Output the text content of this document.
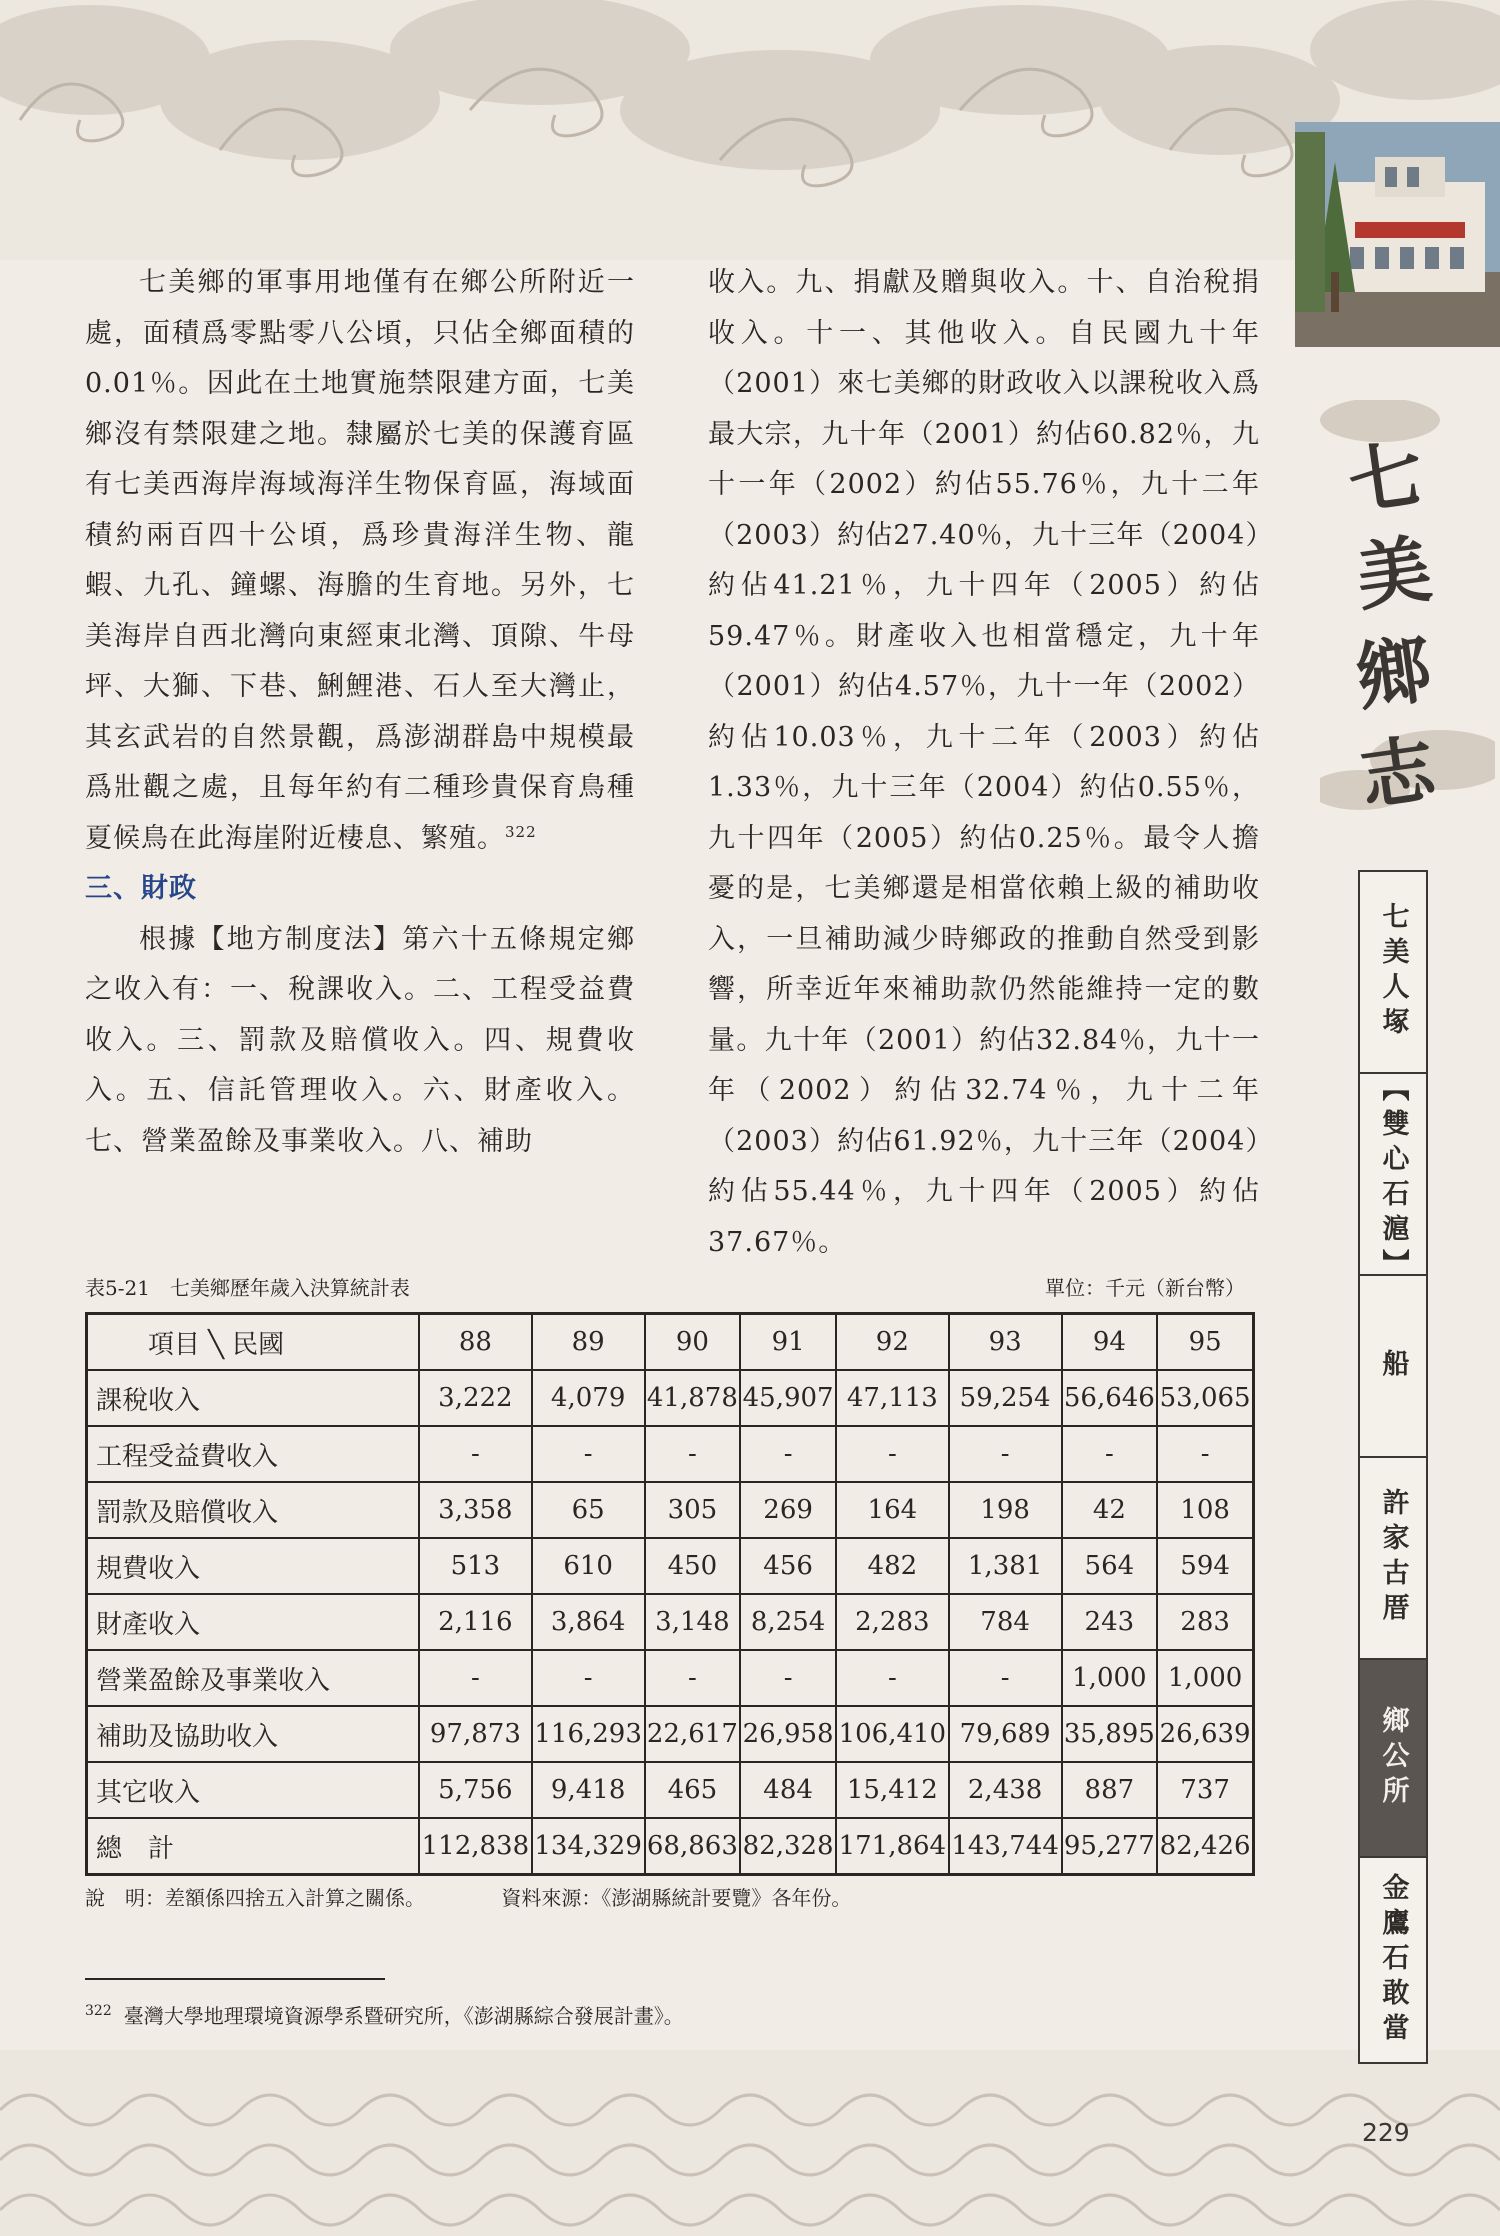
七
美
鄉
志
七美人塚
【雙心石滬】
船
許家古厝
鄉公所
金鷹石敢當

七美鄉的軍事用地僅有在鄉公所附近一處，面積爲零點零八公頃，只佔全鄉面積的0.01％。因此在土地實施禁限建方面，七美鄉沒有禁限建之地。隸屬於七美的保護育區有七美西海岸海域海洋生物保育區，海域面積約兩百四十公頃，爲珍貴海洋生物、龍蝦、九孔、鐘螺、海膽的生育地。另外，七美海岸自西北灣向東經東北灣、頂隙、牛母坪、大獅、下巷、鯏鯉港、石人至大灣止，其玄武岩的自然景觀，爲澎湖群島中規模最爲壯觀之處，且每年約有二種珍貴保育鳥種夏候鳥在此海崖附近棲息、繁殖。$^{322}$

三、財政

根據【地方制度法】第六十五條規定鄉之收入有：一、稅課收入。二、工程受益費收入。三、罰款及賠償收入。四、規費收入。五、信託管理收入。六、財產收入。七、營業盈餘及事業收入。八、補助

收入。九、捐獻及贈與收入。十、自治稅捐收入。十一、其他收入。自民國九十年（2001）來七美鄉的財政收入以課稅收入爲最大宗，九十年（2001）約佔60.82％，九十一年（2002）約佔55.76％，九十二年（2003）約佔27.40％，九十三年（2004）約佔41.21％，九十四年（2005）約佔59.47％。財產收入也相當穩定，九十年（2001）約佔4.57％，九十一年（2002）約佔10.03％，九十二年（2003）約佔1.33％，九十三年（2004）約佔0.55％，九十四年（2005）約佔0.25％。最令人擔憂的是，七美鄉還是相當依賴上級的補助收入，一旦補助減少時鄉政的推動自然受到影響，所幸近年來補助款仍然能維持一定的數量。九十年（2001）約佔32.84％，九十一年（2002）約佔32.74％，九十二年（2003）約佔61.92％，九十三年（2004）約佔55.44％，九十四年（2005）約佔37.67％。

表5-21　七美鄉歷年歲入決算統計表	單位：千元（新台幣）
項目 ╲ 民國	88	89	90	91	92	93	94	95
課稅收入	3,222	4,079	41,878	45,907	47,113	59,254	56,646	53,065
工程受益費收入	-	-	-	-	-	-	-	-
罰款及賠償收入	3,358	65	305	269	164	198	42	108
規費收入	513	610	450	456	482	1,381	564	594
財產收入	2,116	3,864	3,148	8,254	2,283	784	243	283
營業盈餘及事業收入	-	-	-	-	-	-	1,000	1,000
補助及協助收入	97,873	116,293	22,617	26,958	106,410	79,689	35,895	26,639
其它收入	5,756	9,418	465	484	15,412	2,438	887	737
總　計	112,838	134,329	68,863	82,328	171,864	143,744	95,277	82,426
說　明：差額係四捨五入計算之關係。	資料來源：《澎湖縣統計要覽》各年份。
$^{322}$ 臺灣大學地理環境資源學系暨研究所，《澎湖縣綜合發展計畫》。
229
